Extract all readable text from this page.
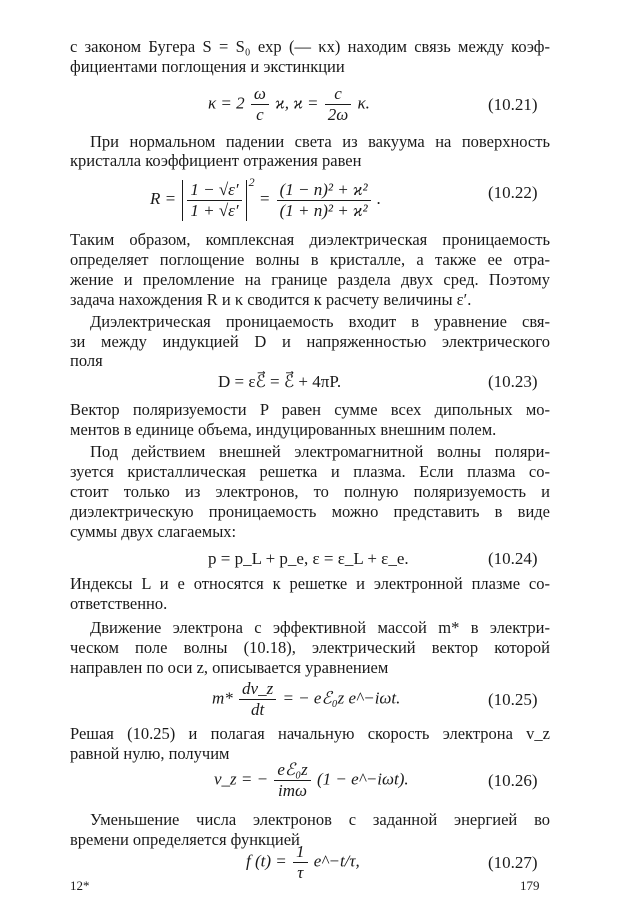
с законом Бугера S = S₀ exp (— κx) находим связь между коэф-
фициентами поглощения и экстинкции
$\kappa = 2 \frac{\omega}{c} ϰ$, $ϰ = \frac{c}{2\omega} \kappa$.	(10.21)
При нормальном падении света из вакуума на поверхность
кристалла коэффициент отражения равен
$R = \frac{1 - √\varepsilon'}{1 + √\varepsilon'} ^2 = \frac{\text{(1 − n)² + ϰ²}}{\text{(1 + n)² + ϰ²}}$ .	(10.22)
Таким образом, комплексная диэлектрическая проницаемость
определяет поглощение волны в кристалле, а также ее отра-
жение и преломление на границе раздела двух сред. Поэтому
задача нахождения R и κ сводится к расчету величины ε′.
Диэлектрическая проницаемость входит в уравнение свя-
зи между индукцией D и напряженностью электрического
поля
D = εℰ⃗ = ℰ⃗ + 4πP.	(10.23)
Вектор поляризуемости P равен сумме всех дипольных мо-
ментов в единице объема, индуцированных внешним полем.
Под действием внешней электромагнитной волны поляри-
зуется кристаллическая решетка и плазма. Если плазма со-
стоит только из электронов, то полную поляризуемость и
диэлектрическую проницаемость можно представить в виде
суммы двух слагаемых:
p = p_L + p_e, ε = ε_L + ε_e.	(10.24)
Индексы L и e относятся к решетке и электронной плазме со-
ответственно.
Движение электрона с эффективной массой m* в электри-
ческом поле волны (10.18), электрический вектор которой
направлен по оси z, описывается уравнением
$m* \frac{dv\_z}{dt}$ = − eℰ₀z e^−iωt.	(10.25)
Решая (10.25) и полагая начальную скорость электрона v_z
равной нулю, получим
v_z = − $\frac{\text{eℰ₀z}}{\text{imω}} (1$ − e^−iωt).	(10.26)
Уменьшение числа электронов с заданной энергией во
времени определяется функцией
f $(t) = \frac{1}{\tau}$ e^−t/τ,	(10.27)
12*	179
